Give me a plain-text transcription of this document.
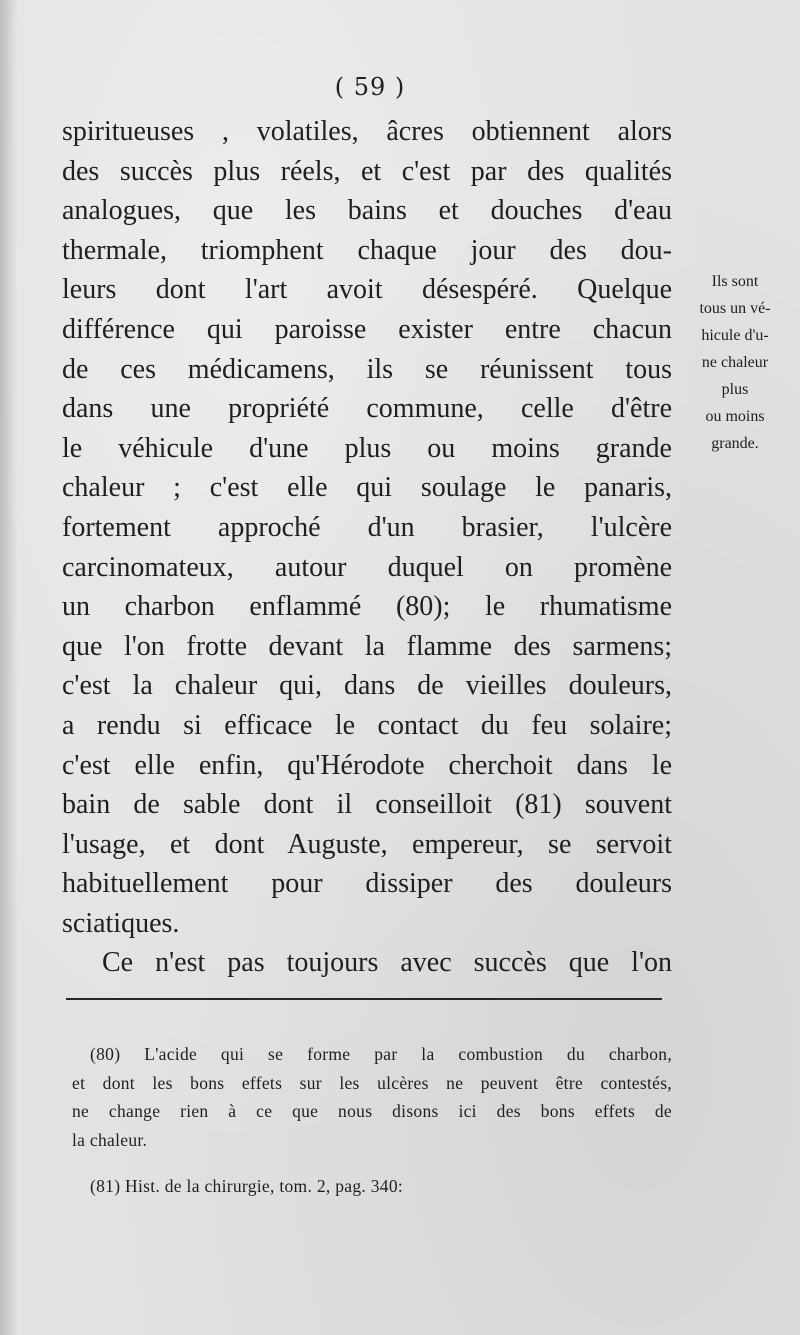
( 59 )
spiritueuses , volatiles, âcres obtiennent alors
des succès plus réels, et c'est par des qualités
analogues, que les bains et douches d'eau
thermale, triomphent chaque jour des dou-
leurs dont l'art avoit désespéré. Quelque
différence qui paroisse exister entre chacun
de ces médicamens, ils se réunissent tous
dans une propriété commune, celle d'être
le véhicule d'une plus ou moins grande
chaleur ; c'est elle qui soulage le panaris,
fortement approché d'un brasier, l'ulcère
carcinomateux, autour duquel on promène
un charbon enflammé (80); le rhumatisme
que l'on frotte devant la flamme des sarmens;
c'est la chaleur qui, dans de vieilles douleurs,
a rendu si efficace le contact du feu solaire;
c'est elle enfin, qu'Hérodote cherchoit dans le
bain de sable dont il conseilloit (81) souvent
l'usage, et dont Auguste, empereur, se servoit
habituellement pour dissiper des douleurs
sciatiques.
Ce n'est pas toujours avec succès que l'on
Ils sont
tous un vé-
hicule d'u-
ne chaleur
plus
ou moins
grande.
(80) L'acide qui se forme par la combustion du charbon,
et dont les bons effets sur les ulcères ne peuvent être contestés,
ne change rien à ce que nous disons ici des bons effets de
la chaleur.
(81) Hist. de la chirurgie, tom. 2, pag. 340:
